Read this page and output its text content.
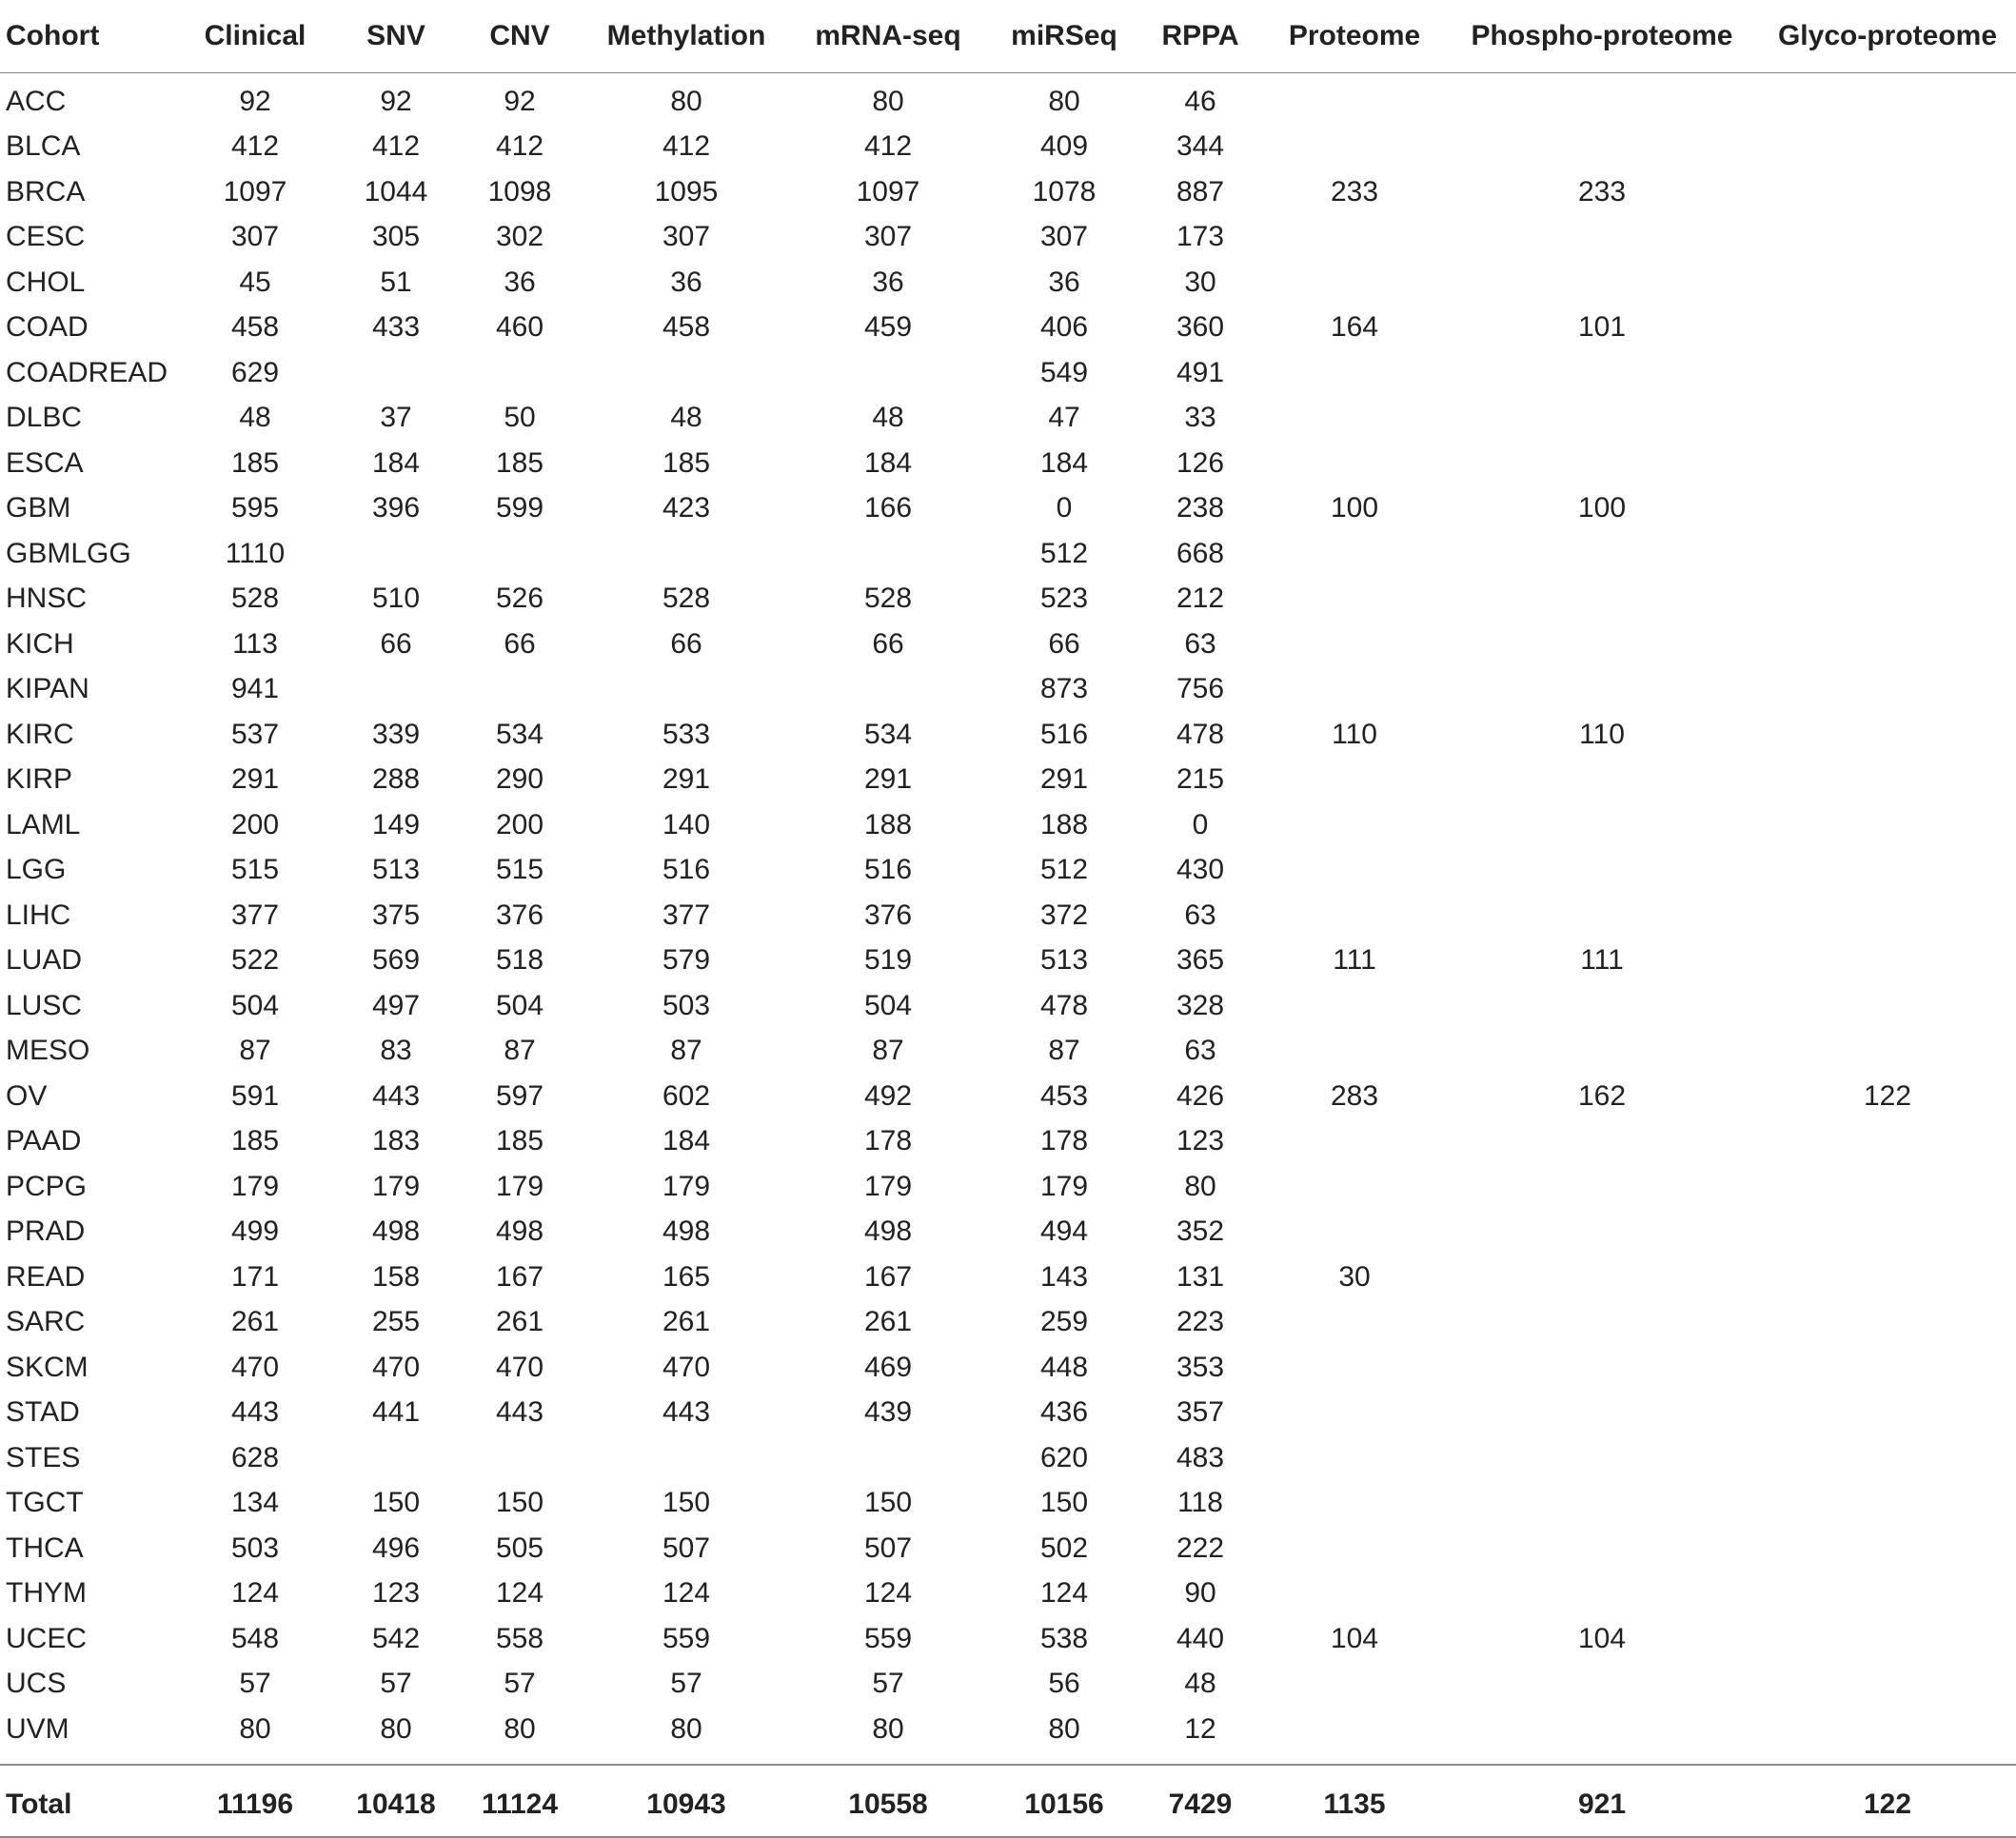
Cohort	Clinical	SNV	CNV	Methylation	mRNA-seq	miRSeq	RPPA	Proteome	Phospho-proteome	Glyco-proteome
ACC	92	92	92	80	80	80	46			
BLCA	412	412	412	412	412	409	344			
BRCA	1097	1044	1098	1095	1097	1078	887	233	233	
CESC	307	305	302	307	307	307	173			
CHOL	45	51	36	36	36	36	30			
COAD	458	433	460	458	459	406	360	164	101	
COADREAD	629					549	491			
DLBC	48	37	50	48	48	47	33			
ESCA	185	184	185	185	184	184	126			
GBM	595	396	599	423	166	0	238	100	100	
GBMLGG	1110					512	668			
HNSC	528	510	526	528	528	523	212			
KICH	113	66	66	66	66	66	63			
KIPAN	941					873	756			
KIRC	537	339	534	533	534	516	478	110	110	
KIRP	291	288	290	291	291	291	215			
LAML	200	149	200	140	188	188	0			
LGG	515	513	515	516	516	512	430			
LIHC	377	375	376	377	376	372	63			
LUAD	522	569	518	579	519	513	365	111	111	
LUSC	504	497	504	503	504	478	328			
MESO	87	83	87	87	87	87	63			
OV	591	443	597	602	492	453	426	283	162	122
PAAD	185	183	185	184	178	178	123			
PCPG	179	179	179	179	179	179	80			
PRAD	499	498	498	498	498	494	352			
READ	171	158	167	165	167	143	131	30		
SARC	261	255	261	261	261	259	223			
SKCM	470	470	470	470	469	448	353			
STAD	443	441	443	443	439	436	357			
STES	628					620	483			
TGCT	134	150	150	150	150	150	118			
THCA	503	496	505	507	507	502	222			
THYM	124	123	124	124	124	124	90			
UCEC	548	542	558	559	559	538	440	104	104	
UCS	57	57	57	57	57	56	48			
UVM	80	80	80	80	80	80	12			

Total	11196	10418	11124	10943	10558	10156	7429	1135	921	122
